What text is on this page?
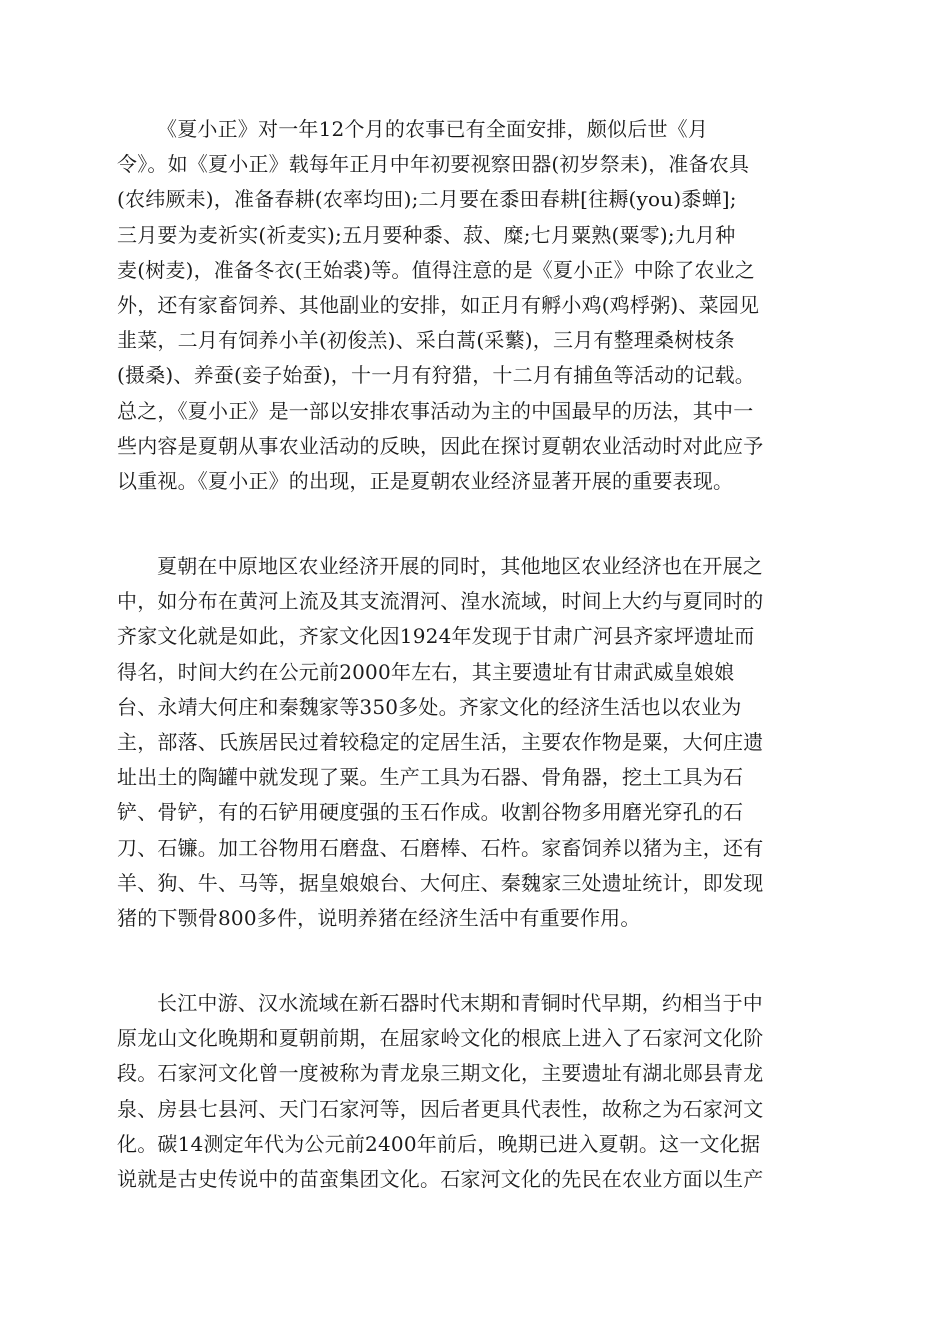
《夏小正》对一年12个月的农事已有全面安排，颇似后世《月
令》。如《夏小正》载每年正月中年初要视察田器(初岁祭耒)，准备农具
(农纬厥耒)，准备春耕(农率均田);二月要在黍田春耕[往耨(you)黍蝉];
三月要为麦祈实(祈麦实);五月要种黍、菽、糜;七月粟熟(粟零);九月种
麦(树麦)，准备冬衣(王始裘)等。值得注意的是《夏小正》中除了农业之
外，还有家畜饲养、其他副业的安排，如正月有孵小鸡(鸡桴粥)、菜园见
韭菜，二月有饲养小羊(初俊羔)、采白蒿(采蘩)，三月有整理桑树枝条
(摄桑)、养蚕(妾子始蚕)，十一月有狩猎，十二月有捕鱼等活动的记载。
总之，《夏小正》是一部以安排农事活动为主的中国最早的历法，其中一
些内容是夏朝从事农业活动的反映，因此在探讨夏朝农业活动时对此应予
以重视。《夏小正》的出现，正是夏朝农业经济显著开展的重要表现。
夏朝在中原地区农业经济开展的同时，其他地区农业经济也在开展之
中，如分布在黄河上流及其支流渭河、湟水流域，时间上大约与夏同时的
齐家文化就是如此，齐家文化因1924年发现于甘肃广河县齐家坪遗址而
得名，时间大约在公元前2000年左右，其主要遗址有甘肃武威皇娘娘
台、永靖大何庄和秦魏家等350多处。齐家文化的经济生活也以农业为
主，部落、氏族居民过着较稳定的定居生活，主要农作物是粟，大何庄遗
址出土的陶罐中就发现了粟。生产工具为石器、骨角器，挖土工具为石
铲、骨铲，有的石铲用硬度强的玉石作成。收割谷物多用磨光穿孔的石
刀、石镰。加工谷物用石磨盘、石磨棒、石杵。家畜饲养以猪为主，还有
羊、狗、牛、马等，据皇娘娘台、大何庄、秦魏家三处遗址统计，即发现
猪的下颚骨800多件，说明养猪在经济生活中有重要作用。
长江中游、汉水流域在新石器时代末期和青铜时代早期，约相当于中
原龙山文化晚期和夏朝前期，在屈家岭文化的根底上进入了石家河文化阶
段。石家河文化曾一度被称为青龙泉三期文化，主要遗址有湖北郧县青龙
泉、房县七县河、天门石家河等，因后者更具代表性，故称之为石家河文
化。碳14测定年代为公元前2400年前后，晚期已进入夏朝。这一文化据
说就是古史传说中的苗蛮集团文化。石家河文化的先民在农业方面以生产
